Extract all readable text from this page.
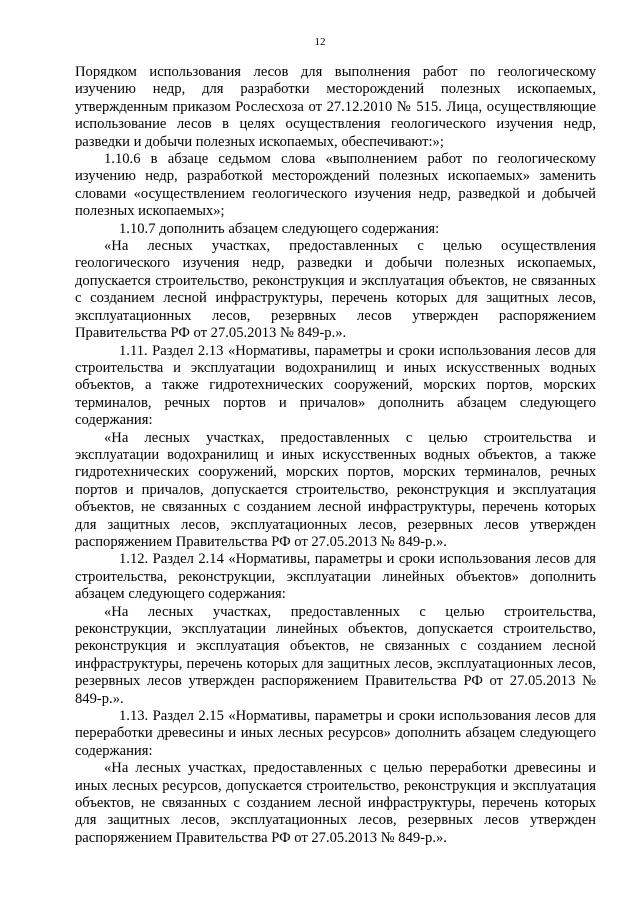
12

Порядком использования лесов для выполнения работ по геологическому изучению недр, для разработки месторождений полезных ископаемых, утвержденным приказом Рослесхоза от 27.12.2010 № 515. Лица, осуществляющие использование лесов в целях осуществления геологического изучения недр, разведки и добычи полезных ископаемых, обеспечивают:»;

1.10.6 в абзаце седьмом слова «выполнением работ по геологическому изучению недр, разработкой месторождений полезных ископаемых» заменить словами «осуществлением геологического изучения недр, разведкой и добычей полезных ископаемых»;

1.10.7 дополнить абзацем следующего содержания:

«На лесных участках, предоставленных с целью осуществления геологического изучения недр, разведки и добычи полезных ископаемых, допускается строительство, реконструкция и эксплуатация объектов, не связанных с созданием лесной инфраструктуры, перечень которых для защитных лесов, эксплуатационных лесов, резервных лесов утвержден распоряжением Правительства РФ от 27.05.2013 № 849-р.».

1.11. Раздел 2.13 «Нормативы, параметры и сроки использования лесов для строительства и эксплуатации водохранилищ и иных искусственных водных объектов, а также гидротехнических сооружений, морских портов, морских терминалов, речных портов и причалов» дополнить абзацем следующего содержания:

«На лесных участках, предоставленных с целью строительства и эксплуатации водохранилищ и иных искусственных водных объектов, а также гидротехнических сооружений, морских портов, морских терминалов, речных портов и причалов, допускается строительство, реконструкция и эксплуатация объектов, не связанных с созданием лесной инфраструктуры, перечень которых для защитных лесов, эксплуатационных лесов, резервных лесов утвержден распоряжением Правительства РФ от 27.05.2013 № 849-р.».

1.12. Раздел 2.14 «Нормативы, параметры и сроки использования лесов для строительства, реконструкции, эксплуатации линейных объектов» дополнить абзацем следующего содержания:

«На лесных участках, предоставленных с целью строительства, реконструкции, эксплуатации линейных объектов, допускается строительство, реконструкция и эксплуатация объектов, не связанных с созданием лесной инфраструктуры, перечень которых для защитных лесов, эксплуатационных лесов, резервных лесов утвержден распоряжением Правительства РФ от 27.05.2013 № 849-р.».

1.13. Раздел 2.15 «Нормативы, параметры и сроки использования лесов для переработки древесины и иных лесных ресурсов» дополнить абзацем следующего содержания:

«На лесных участках, предоставленных с целью переработки древесины и иных лесных ресурсов, допускается строительство, реконструкция и эксплуатация объектов, не связанных с созданием лесной инфраструктуры, перечень которых для защитных лесов, эксплуатационных лесов, резервных лесов утвержден распоряжением Правительства РФ от 27.05.2013 № 849-р.».
